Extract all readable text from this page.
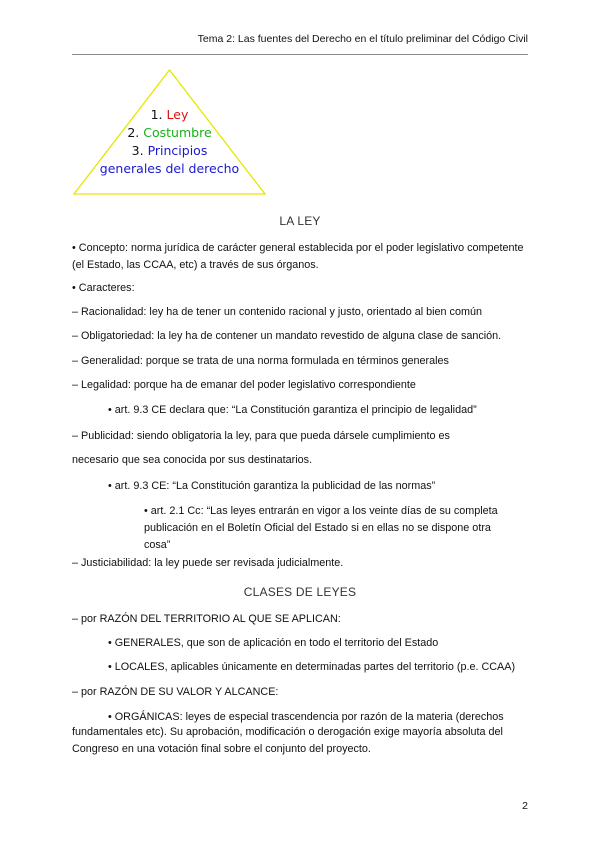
Tema 2: Las fuentes del Derecho en el título preliminar del Código Civil
1. Ley
2. Costumbre
3. Principios
generales del derecho
LA LEY
• Concepto: norma jurídica de carácter general establecida por el poder legislativo competente (el Estado, las CCAA, etc) a través de sus órganos.
• Caracteres:
– Racionalidad: ley ha de tener un contenido racional y justo, orientado al bien común
– Obligatoriedad: la ley ha de contener un mandato revestido de alguna clase de sanción.
– Generalidad: porque se trata de una norma formulada en términos generales
– Legalidad: porque ha de emanar del poder legislativo correspondiente
• art. 9.3 CE declara que: “La Constitución garantiza el principio de legalidad”
– Publicidad: siendo obligatoria la ley, para que pueda dársele cumplimiento es
necesario que sea conocida por sus destinatarios.
• art. 9.3 CE: “La Constitución garantiza la publicidad de las normas”
• art. 2.1 Cc: “Las leyes entrarán en vigor a los veinte días de su completa publicación en el Boletín Oficial del Estado si en ellas no se dispone otra cosa”
– Justiciabilidad: la ley puede ser revisada judicialmente.
CLASES DE LEYES
– por RAZÓN DEL TERRITORIO AL QUE SE APLICAN:
• GENERALES, que son de aplicación en todo el territorio del Estado
• LOCALES, aplicables únicamente en determinadas partes del territorio (p.e. CCAA)
– por RAZÓN DE SU VALOR Y ALCANCE:
• ORGÁNICAS: leyes de especial trascendencia por razón de la materia (derechos
fundamentales etc). Su aprobación, modificación o derogación exige mayoría absoluta del Congreso en una votación final sobre el conjunto del proyecto.
2
